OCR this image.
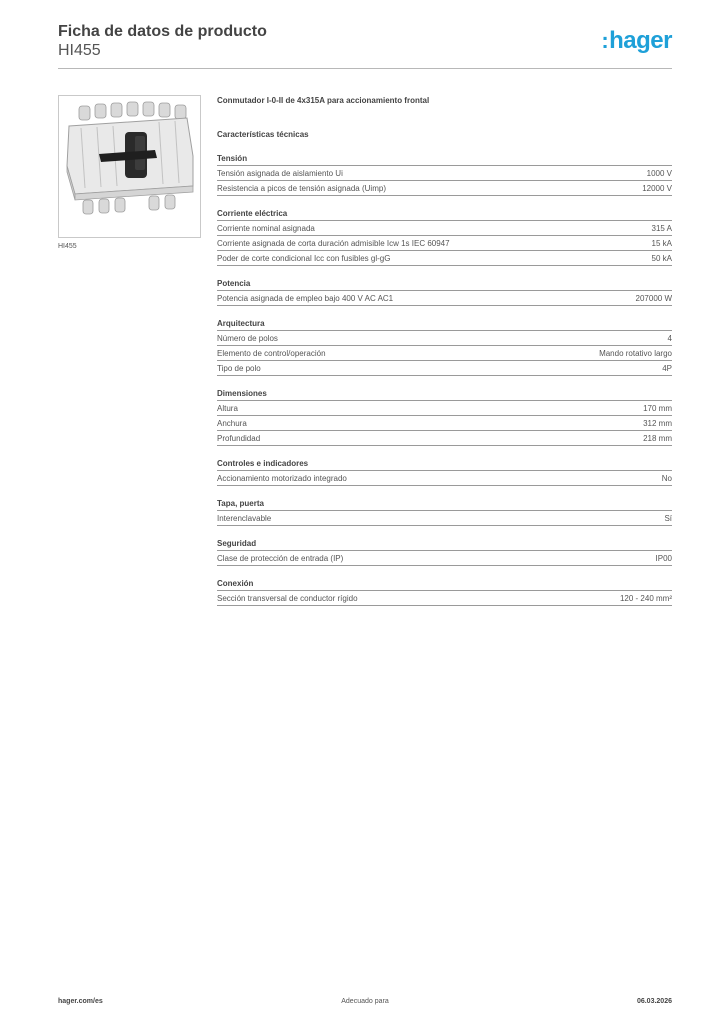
Ficha de datos de producto
HI455	:hager
HI455
Conmutador I-0-II de 4x315A para accionamiento frontal
Características técnicas
Tensión
Tensión asignada de aislamiento Ui	1000 V
Resistencia a picos de tensión asignada (Uimp)	12000 V
Corriente eléctrica
Corriente nominal asignada	315 A
Corriente asignada de corta duración admisible Icw 1s IEC 60947	15 kA
Poder de corte condicional Icc con fusibles gl-gG	50 kA
Potencia
Potencia asignada de empleo bajo 400 V AC AC1	207000 W
Arquitectura
Número de polos	4
Elemento de control/operación	Mando rotativo largo
Tipo de polo	4P
Dimensiones
Altura	170 mm
Anchura	312 mm
Profundidad	218 mm
Controles e indicadores
Accionamiento motorizado integrado	No
Tapa, puerta
Interenclavable	Sí
Seguridad
Clase de protección de entrada (IP)	IP00
Conexión
Sección transversal de conductor rígido	120 - 240 mm²
hager.com/es	Adecuado para	06.03.2026
